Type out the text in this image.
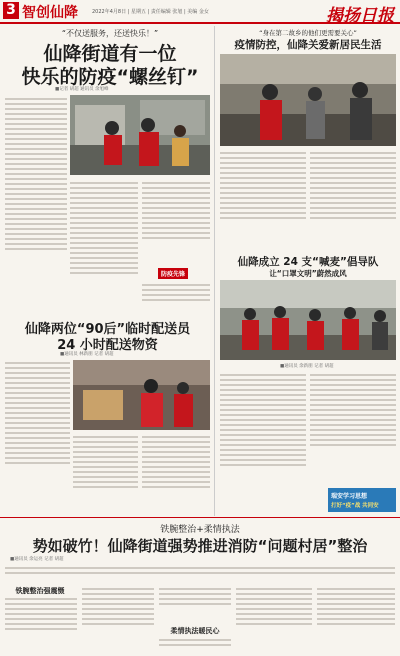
3 智创仙降	2022年4月8日 | 星期五 | 责任编辑 张旭 | 美编 金女	揭扬日报
“不仅送服务，还送快乐！”
仙降街道有一位
快乐的防疫“螺丝钉”
■记者 胡超 通讯员 余旭峰
防疫先锋
仙降两位“90后”临时配送员
24 小时配送物资
■通讯员 林新朋 记者 胡超
“身在第二故乡的他们更需要关心”
疫情防控，仙降关爱新居民生活
仙降成立 24 支“喊麦”倡导队
让“口罩文明”蔚然成风
■通讯员 余新朋 记者 胡超
瑞安学习思想
打好“疫”战 共同安
铁腕整治+柔情执法
势如破竹！仙降街道强势推进消防“问题村居”整治
■通讯员 余运亮 记者 胡超
铁腕整治强震慑
柔情执法暖民心
